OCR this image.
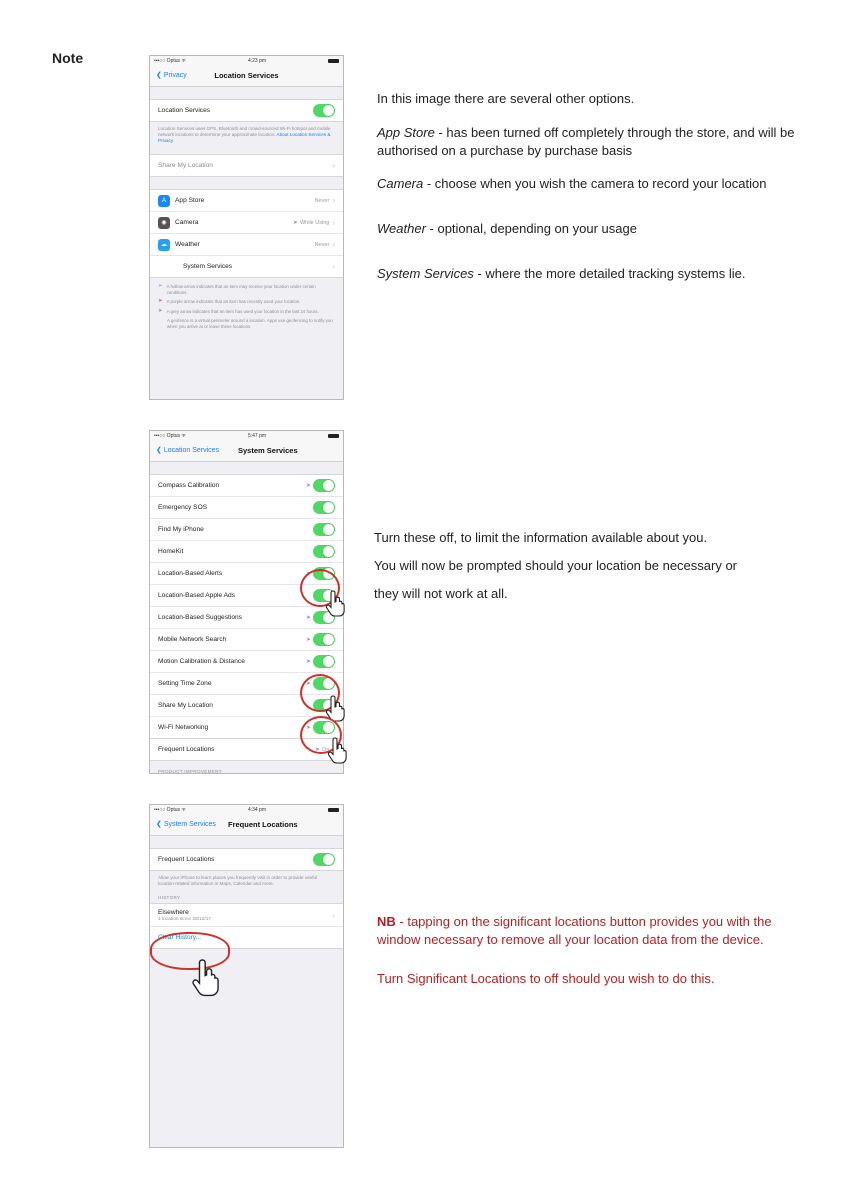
Note	•••○○ Optus ᯤ	4:23 pm
❮ Privacy	Location Services
Location Services
Location Services uses GPS, Bluetooth and crowd-sourced Wi-Fi hotspot and mobile network locations to determine your approximate location. About Location Services & Privacy
Share My Location	›
A	App Store	Never ›
◉	Camera	➤ While Using ›
☁	Weather	Never ›
System Services	›
➢ A hollow arrow indicates that an item may receive your location under certain conditions.
➤ A purple arrow indicates that an item has recently used your location.
➤ A grey arrow indicates that an item has used your location in the last 24 hours.
A geofence is a virtual perimeter around a location. Apps use geofencing to notify you when you arrive at or leave these locations.
•••○○ Optus ᯤ	5:47 pm
❮ Location Services	System Services
Compass Calibration	➤
Emergency SOS
Find My iPhone
HomeKit
Location-Based Alerts	➤
Location-Based Apple Ads
Location-Based Suggestions	➤
Mobile Network Search	➤
Motion Calibration & Distance	➤
Setting Time Zone	➤
Share My Location
Wi-Fi Networking	➤
Frequent Locations	➤ On
PRODUCT IMPROVEMENT
•••○○ Optus ᯤ	4:34 pm
❮ System Services Frequent Locations
Frequent Locations
Allow your iPhone to learn places you frequently visit in order to provide useful location-related information in Maps, Calendar and more.
HISTORY
Elsewhere
1 location since 28/10/17	›
Clear History...
In this image there are several other options.
App Store - has been turned off completely through the store, and will be authorised on a purchase by purchase basis
Camera - choose when you wish the camera to record your location
Weather - optional, depending on your usage
System Services - where the more detailed tracking systems lie.
Turn these off, to limit the information available about you.
You will now be prompted should your location be necessary or
they will not work at all.
NB - tapping on the significant locations button provides you with the window necessary to remove all your location data from the device.
Turn Significant Locations to off should you wish to do this.
